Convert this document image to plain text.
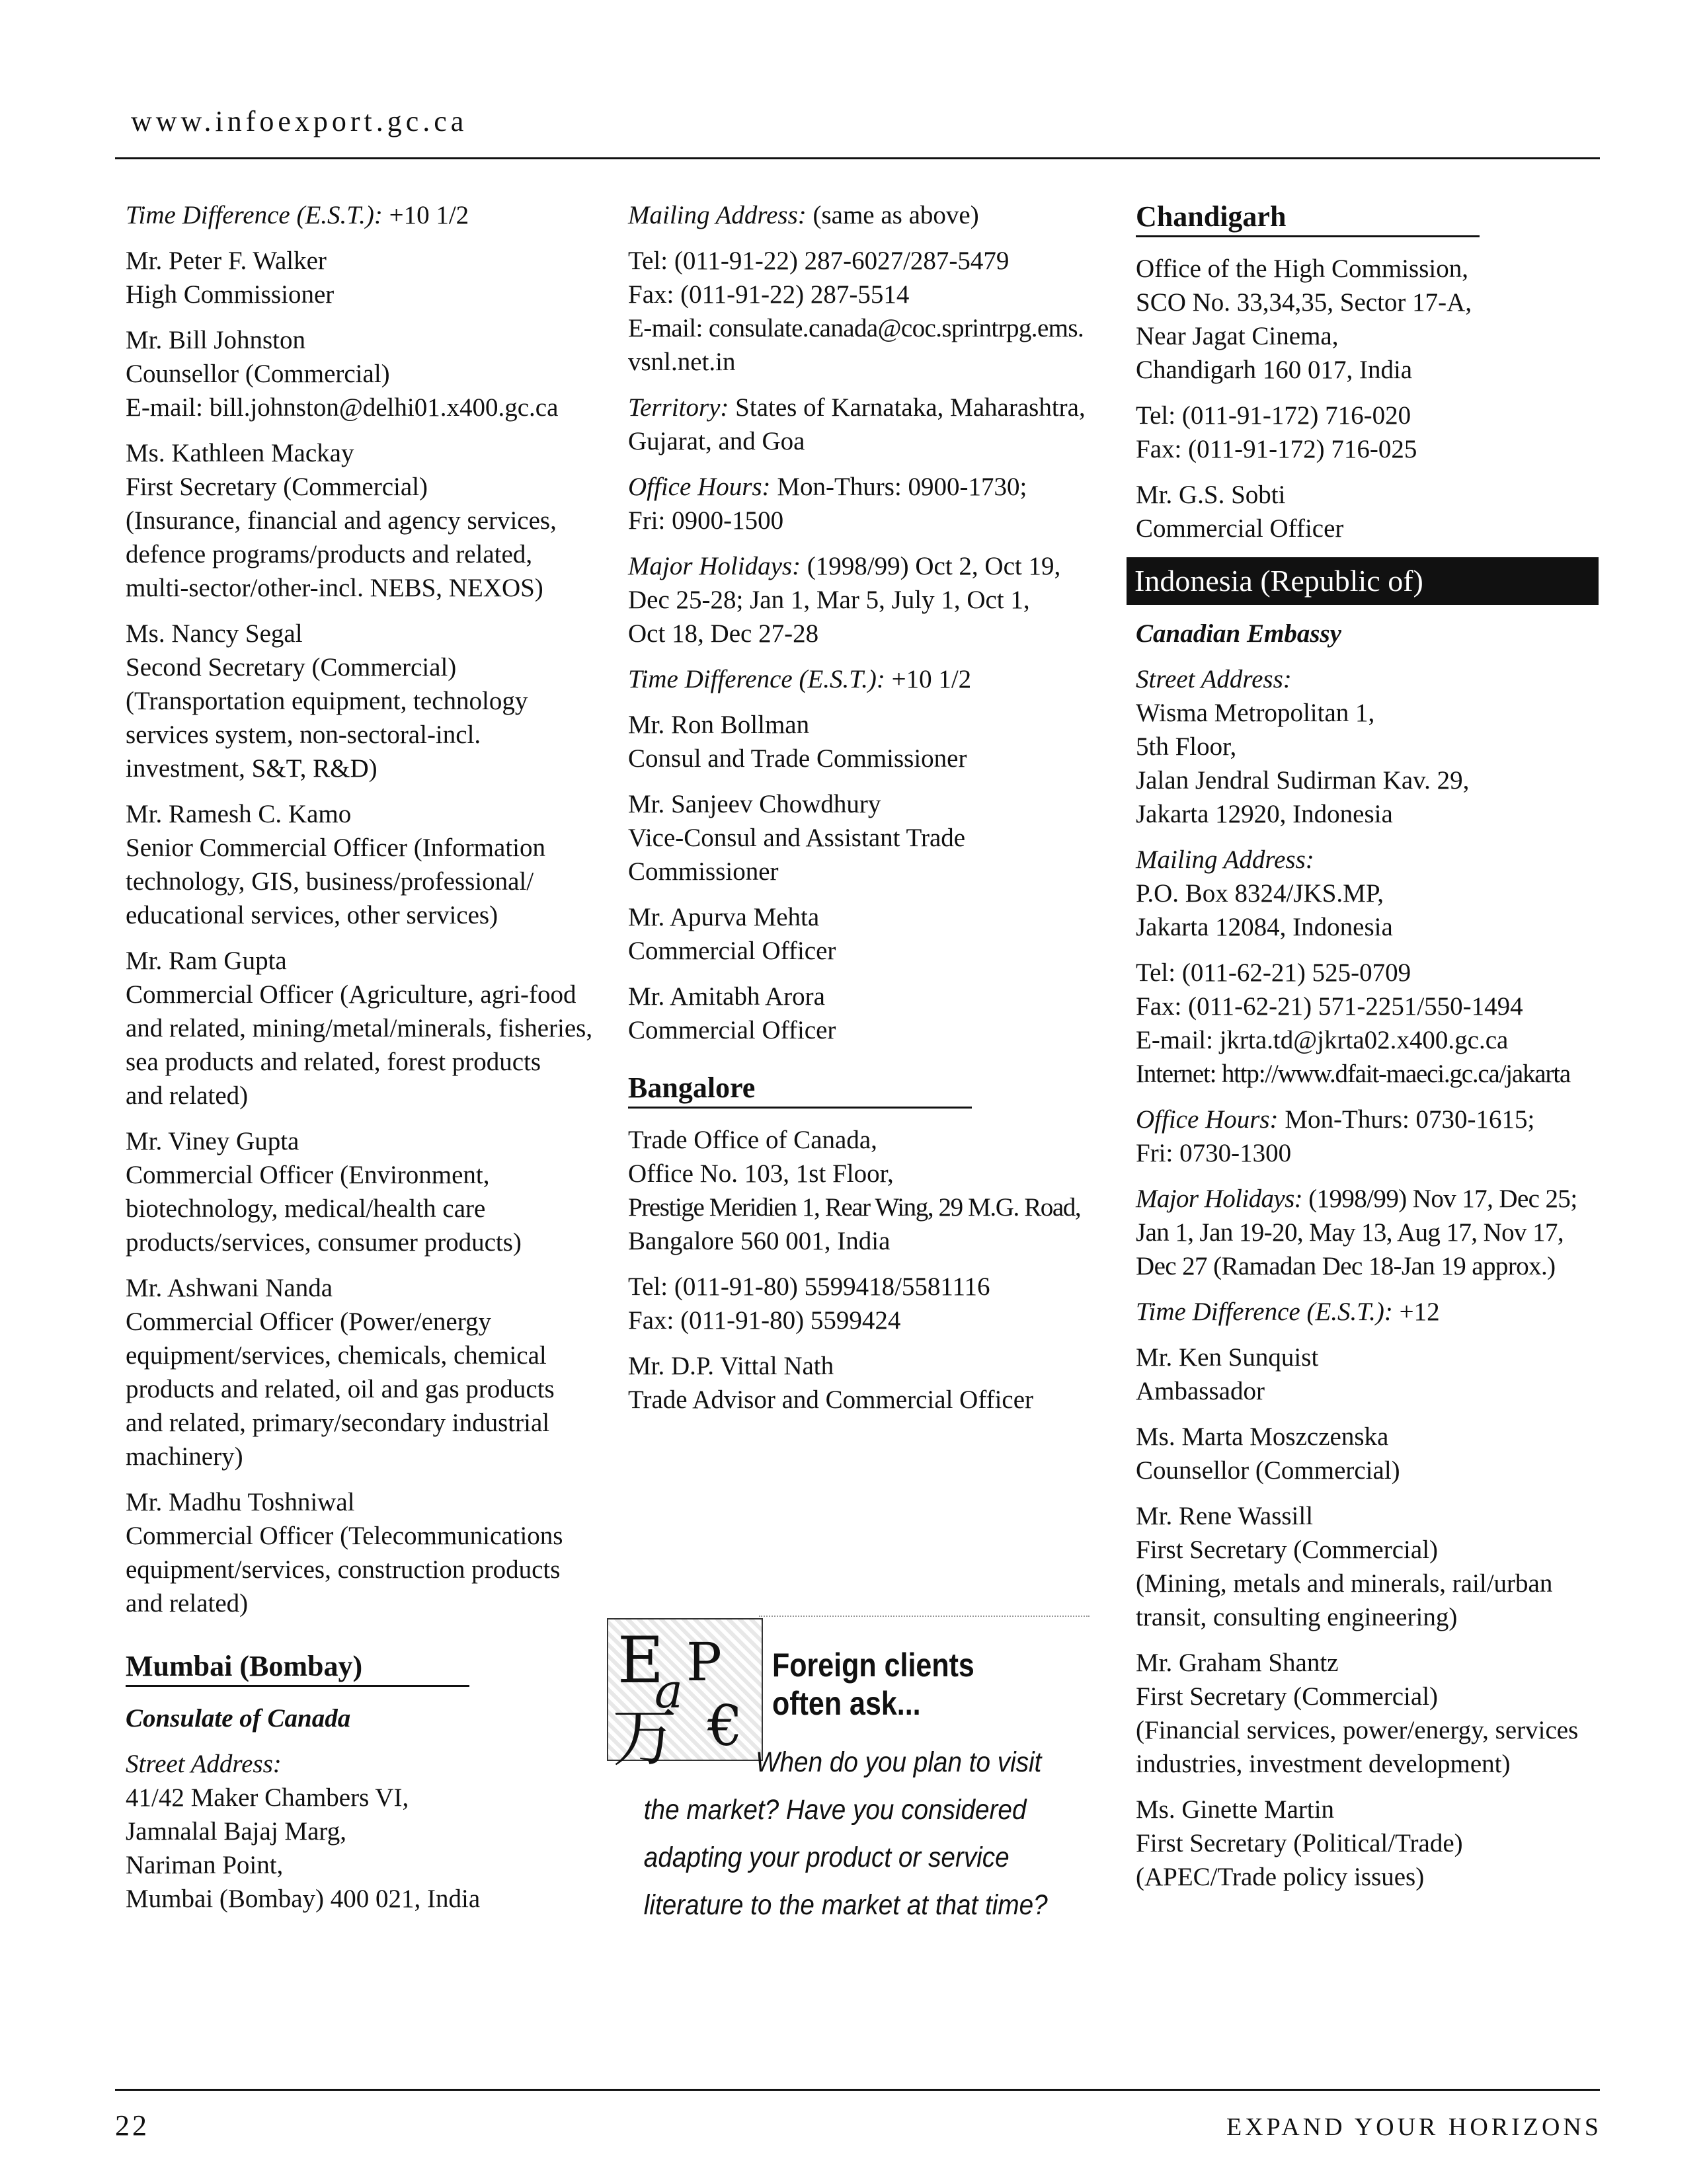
www.infoexport.gc.ca
Time Difference (E.S.T.): +10 1/2
Mr. Peter F. Walker
High Commissioner
Mr. Bill Johnston
Counsellor (Commercial)
E-mail: bill.johnston@delhi01.x400.gc.ca
Ms. Kathleen Mackay
First Secretary (Commercial)
(Insurance, financial and agency services,
defence programs/products and related,
multi-sector/other-incl. NEBS, NEXOS)
Ms. Nancy Segal
Second Secretary (Commercial)
(Transportation equipment, technology
services system, non-sectoral-incl.
investment, S&T, R&D)
Mr. Ramesh C. Kamo
Senior Commercial Officer (Information
technology, GIS, business/professional/
educational services, other services)
Mr. Ram Gupta
Commercial Officer (Agriculture, agri-food
and related, mining/metal/minerals, fisheries,
sea products and related, forest products
and related)
Mr. Viney Gupta
Commercial Officer (Environment,
biotechnology, medical/health care
products/services, consumer products)
Mr. Ashwani Nanda
Commercial Officer (Power/energy
equipment/services, chemicals, chemical
products and related, oil and gas products
and related, primary/secondary industrial
machinery)
Mr. Madhu Toshniwal
Commercial Officer (Telecommunications
equipment/services, construction products
and related)
Mumbai (Bombay)
Consulate of Canada
Street Address:
41/42 Maker Chambers VI,
Jamnalal Bajaj Marg,
Nariman Point,
Mumbai (Bombay) 400 021, India
Mailing Address: (same as above)
Tel: (011-91-22) 287-6027/287-5479
Fax: (011-91-22) 287-5514
E-mail: consulate.canada@coc.sprintrpg.ems.
vsnl.net.in
Territory: States of Karnataka, Maharashtra,
Gujarat, and Goa
Office Hours: Mon-Thurs: 0900-1730;
Fri: 0900-1500
Major Holidays: (1998/99) Oct 2, Oct 19,
Dec 25-28; Jan 1, Mar 5, July 1, Oct 1,
Oct 18, Dec 27-28
Time Difference (E.S.T.): +10 1/2
Mr. Ron Bollman
Consul and Trade Commissioner
Mr. Sanjeev Chowdhury
Vice-Consul and Assistant Trade
Commissioner
Mr. Apurva Mehta
Commercial Officer
Mr. Amitabh Arora
Commercial Officer
Bangalore
Trade Office of Canada,
Office No. 103, 1st Floor,
Prestige Meridien 1, Rear Wing, 29 M.G. Road,
Bangalore 560 001, India
Tel: (011-91-80) 5599418/5581116
Fax: (011-91-80) 5599424
Mr. D.P. Vittal Nath
Trade Advisor and Commercial Officer
E P
a
万 €
Foreign clients
often ask...
When do you plan to visit
the market? Have you considered
adapting your product or service
literature to the market at that time?
Chandigarh
Office of the High Commission,
SCO No. 33,34,35, Sector 17-A,
Near Jagat Cinema,
Chandigarh 160 017, India
Tel: (011-91-172) 716-020
Fax: (011-91-172) 716-025
Mr. G.S. Sobti
Commercial Officer
Indonesia (Republic of)
Canadian Embassy
Street Address:
Wisma Metropolitan 1,
5th Floor,
Jalan Jendral Sudirman Kav. 29,
Jakarta 12920, Indonesia
Mailing Address:
P.O. Box 8324/JKS.MP,
Jakarta 12084, Indonesia
Tel: (011-62-21) 525-0709
Fax: (011-62-21) 571-2251/550-1494
E-mail: jkrta.td@jkrta02.x400.gc.ca
Internet: http://www.dfait-maeci.gc.ca/jakarta
Office Hours: Mon-Thurs: 0730-1615;
Fri: 0730-1300
Major Holidays: (1998/99) Nov 17, Dec 25;
Jan 1, Jan 19-20, May 13, Aug 17, Nov 17,
Dec 27 (Ramadan Dec 18-Jan 19 approx.)
Time Difference (E.S.T.): +12
Mr. Ken Sunquist
Ambassador
Ms. Marta Moszczenska
Counsellor (Commercial)
Mr. Rene Wassill
First Secretary (Commercial)
(Mining, metals and minerals, rail/urban
transit, consulting engineering)
Mr. Graham Shantz
First Secretary (Commercial)
(Financial services, power/energy, services
industries, investment development)
Ms. Ginette Martin
First Secretary (Political/Trade)
(APEC/Trade policy issues)
22	EXPAND YOUR HORIZONS
